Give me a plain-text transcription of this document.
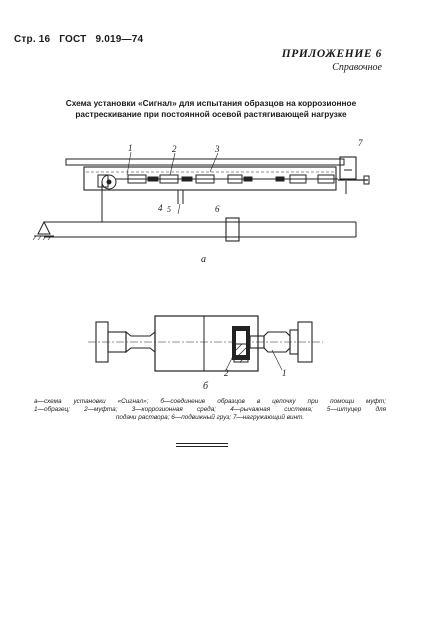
Стр. 16 ГОСТ 9.019—74
ПРИЛОЖЕНИЕ 6
Справочное
Схема установки «Сигнал» для испытания образцов на коррозионное
растрескивание при постоянной осевой растягивающей нагрузке
1	2	3
4 5	6
7
а
2	1
б
а—схема установки «Сигнал»; б—соединение образцов в цепочку при помощи муфт;
1—образец; 2—муфта; 3—коррозионная среда; 4—рычажная система; 5—штуцер для
подачи раствора; 6—подвижный груз; 7—нагружающий винт.
